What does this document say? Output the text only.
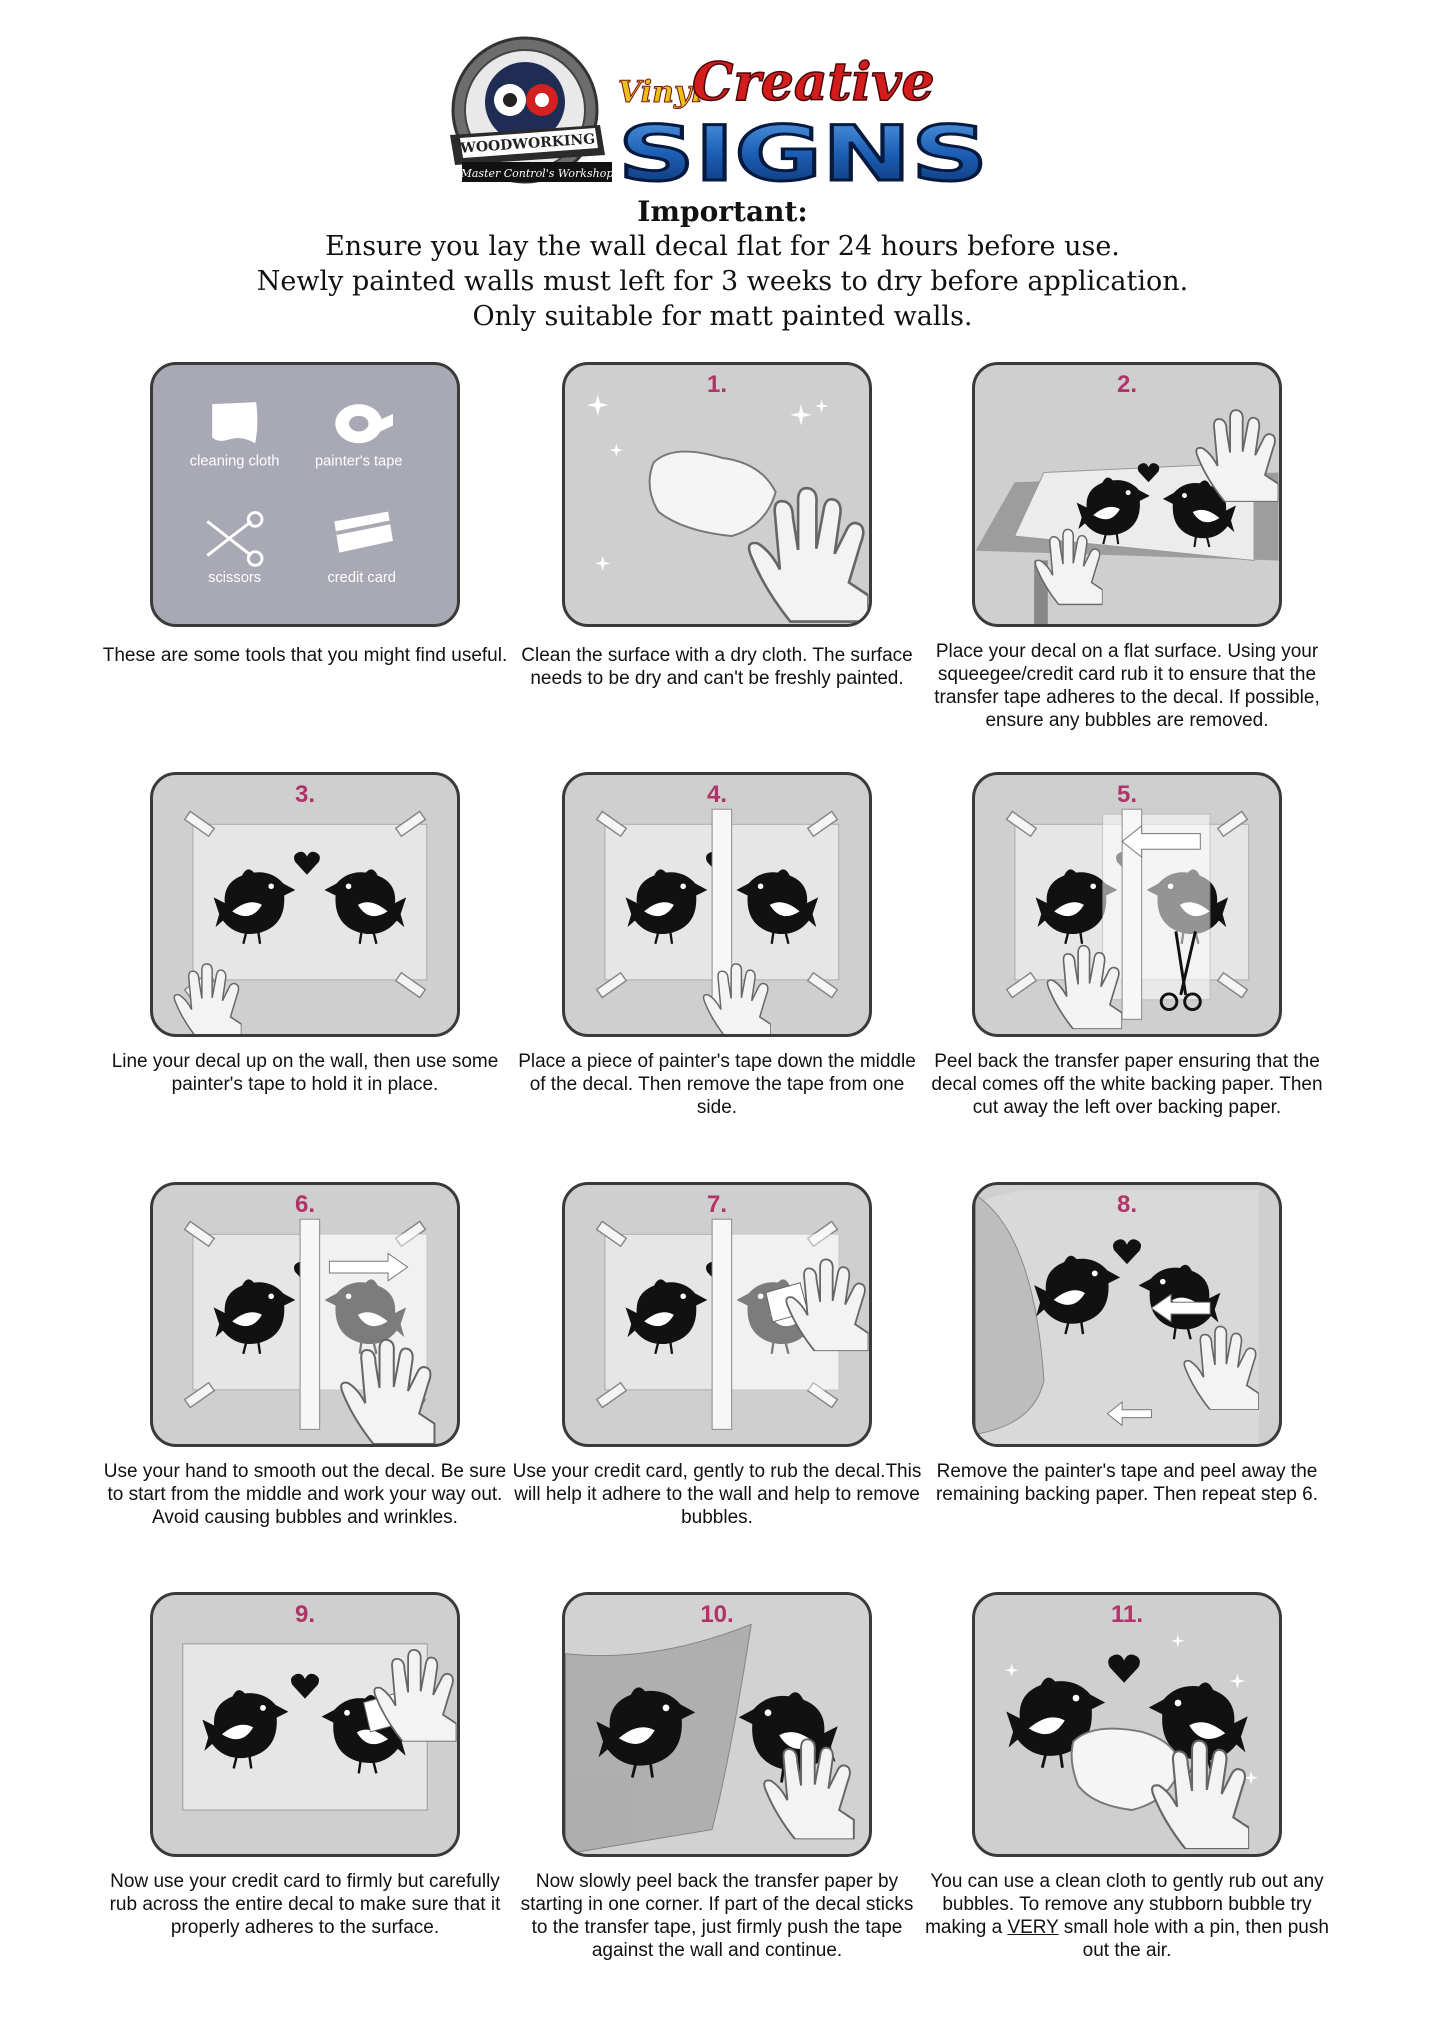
WOODWORKING
Master Control's Workshop
Vinyl
Creative
SIGNS
Important:
Ensure you lay the wall decal flat for 24 hours before use.
Newly painted walls must left for 3 weeks to dry before application.
Only suitable for matt painted walls.
cleaning cloth painter's tape
scissors	credit card
These are some tools that you might find useful.
1.
Clean the surface with a dry cloth. The surface needs to be dry and can't be freshly painted.
2.
Place your decal on a flat surface. Using your squeegee/credit card rub it to ensure that the transfer tape adheres to the decal. If possible, ensure any bubbles are removed.
3.
Line your decal up on the wall, then use some painter's tape to hold it in place.
4.
Place a piece of painter's tape down the middle of the decal. Then remove the tape from one side.
5.
Peel back the transfer paper ensuring that the decal comes off the white backing paper. Then cut away the left over backing paper.
6.
Use your hand to smooth out the decal. Be sure to start from the middle and work your way out. Avoid causing bubbles and wrinkles.
7.
Use your credit card, gently to rub the decal.This will help it adhere to the wall and help to remove bubbles.
8.
Remove the painter's tape and peel away the remaining backing paper. Then repeat step 6.
9.
Now use your credit card to firmly but carefully rub across the entire decal to make sure that it properly adheres to the surface.
10.
Now slowly peel back the transfer paper by starting in one corner. If part of the decal sticks to the transfer tape, just firmly push the tape against the wall and continue.
11.
You can use a clean cloth to gently rub out any bubbles. To remove any stubborn bubble try making a VERY small hole with a pin, then push out the air.
